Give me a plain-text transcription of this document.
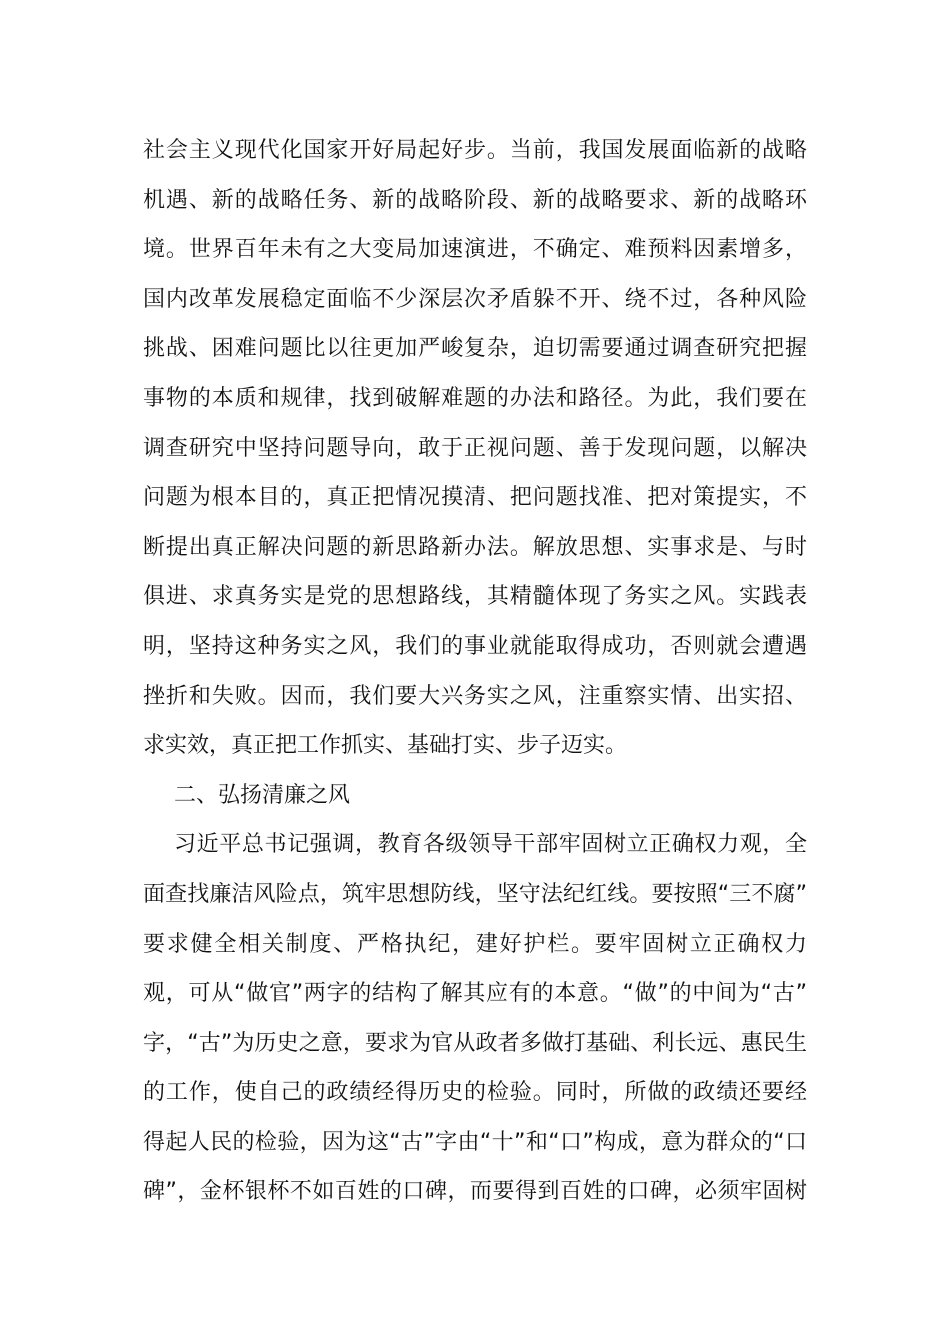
社会主义现代化国家开好局起好步。当前，我国发展面临新的战略
机遇、新的战略任务、新的战略阶段、新的战略要求、新的战略环
境。世界百年未有之大变局加速演进，不确定、难预料因素增多，
国内改革发展稳定面临不少深层次矛盾躲不开、绕不过，各种风险
挑战、困难问题比以往更加严峻复杂，迫切需要通过调查研究把握
事物的本质和规律，找到破解难题的办法和路径。为此，我们要在
调查研究中坚持问题导向，敢于正视问题、善于发现问题，以解决
问题为根本目的，真正把情况摸清、把问题找准、把对策提实，不
断提出真正解决问题的新思路新办法。解放思想、实事求是、与时
俱进、求真务实是党的思想路线，其精髓体现了务实之风。实践表
明，坚持这种务实之风，我们的事业就能取得成功，否则就会遭遇
挫折和失败。因而，我们要大兴务实之风，注重察实情、出实招、
求实效，真正把工作抓实、基础打实、步子迈实。
二、弘扬清廉之风
习近平总书记强调，教育各级领导干部牢固树立正确权力观，全
面查找廉洁风险点，筑牢思想防线，坚守法纪红线。要按照“三不腐”
要求健全相关制度、严格执纪，建好护栏。要牢固树立正确权力
观，可从“做官”两字的结构了解其应有的本意。“做”的中间为“古”
字，“古”为历史之意，要求为官从政者多做打基础、利长远、惠民生
的工作，使自己的政绩经得历史的检验。同时，所做的政绩还要经
得起人民的检验，因为这“古”字由“十”和“口”构成，意为群众的“口
碑”，金杯银杯不如百姓的口碑，而要得到百姓的口碑，必须牢固树
